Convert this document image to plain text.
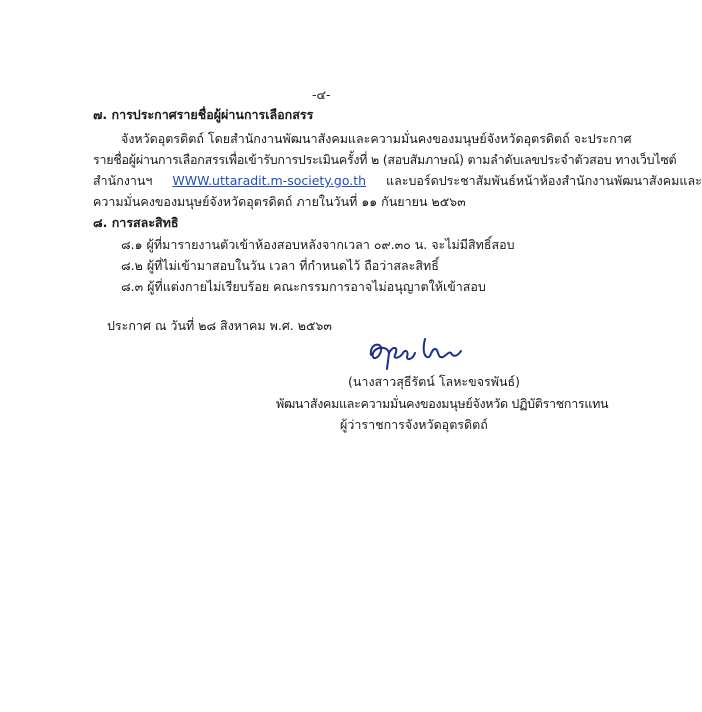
-๔-
๗. การประกาศรายชื่อผู้ผ่านการเลือกสรร
จังหวัดอุตรดิตถ์ โดยสำนักงานพัฒนาสังคมและความมั่นคงของมนุษย์จังหวัดอุตรดิตถ์ จะประกาศ
รายชื่อผู้ผ่านการเลือกสรรเพื่อเข้ารับการประเมินครั้งที่ ๒ (สอบสัมภาษณ์) ตามลำดับเลขประจำตัวสอบ ทางเว็บไซต์
สำนักงานฯ WWW.uttaradit.m-society.go.th และบอร์ดประชาสัมพันธ์หน้าห้องสำนักงานพัฒนาสังคมและ
ความมั่นคงของมนุษย์จังหวัดอุตรดิตถ์ ภายในวันที่ ๑๑ กันยายน ๒๕๖๓
๘. การสละสิทธิ
๘.๑ ผู้ที่มารายงานตัวเข้าห้องสอบหลังจากเวลา ๐๙.๓๐ น. จะไม่มีสิทธิ์สอบ
๘.๒ ผู้ที่ไม่เข้ามาสอบในวัน เวลา ที่กำหนดไว้ ถือว่าสละสิทธิ์
๘.๓ ผู้ที่แต่งกายไม่เรียบร้อย คณะกรรมการอาจไม่อนุญาตให้เข้าสอบ
ประกาศ ณ วันที่ ๒๘ สิงหาคม พ.ศ. ๒๕๖๓
(นางสาวสุธีรัตน์ โลหะขจรพันธ์)
พัฒนาสังคมและความมั่นคงของมนุษย์จังหวัด ปฏิบัติราชการแทน
ผู้ว่าราชการจังหวัดอุตรดิตถ์
